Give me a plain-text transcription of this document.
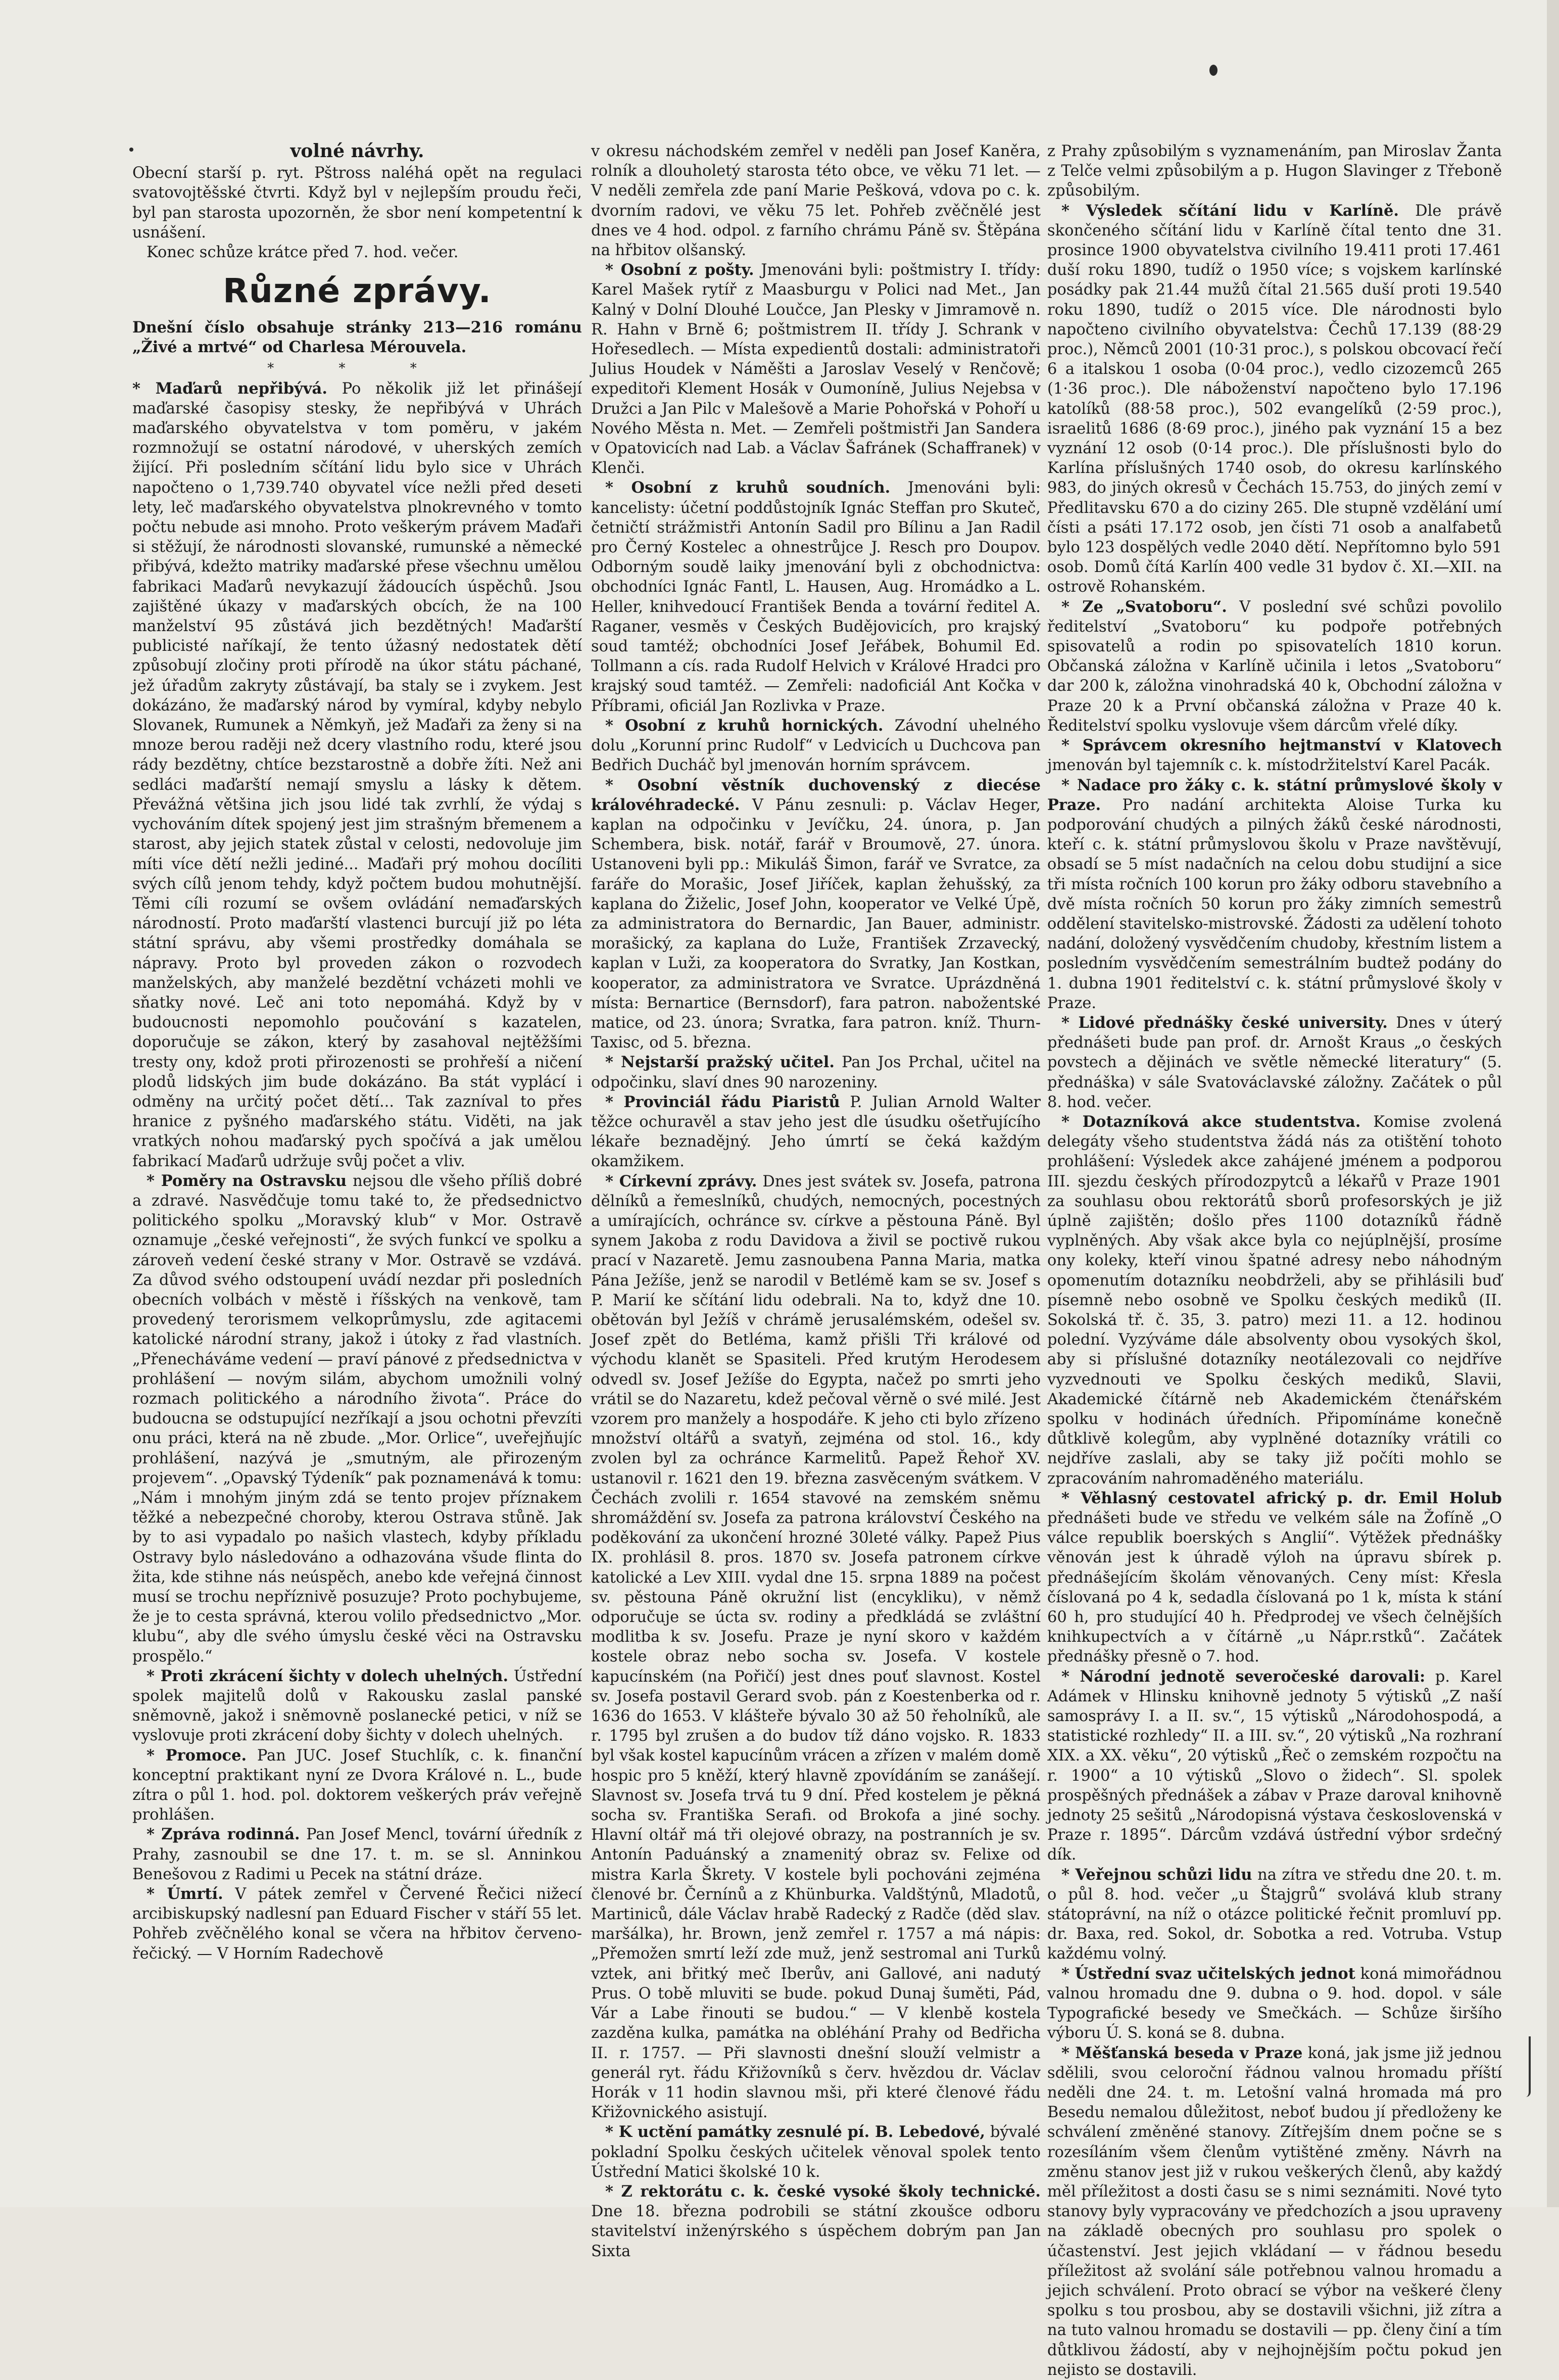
volné návrhy.

Obecní starší p. ryt. Pštross naléhá opět na regulaci svatovojtěšské čtvrti. Když byl v nejlepším proudu řeči, byl pan starosta upozorněn, že sbor není kompetentní k usnášení.

Konec schůze krátce před 7. hod. večer.

Různé zprávy.

Dnešní číslo obsahuje stránky 213—216 románu „Živé a mrtvé“ od Charlesa Mérouvela.

* * *

* Maďarů nepřibývá. Po několik již let přinášejí maďarské časopisy stesky, že nepřibývá v Uhrách maďarského obyvatelstva v tom poměru, v jakém rozmnožují se ostatní národové, v uherských zemích žijící. Při posledním sčítání lidu bylo sice v Uhrách napočteno o 1,739.740 obyvatel více nežli před deseti lety, leč maďarského obyvatelstva plnokrevného v tomto počtu nebude asi mnoho. Proto veškerým právem Maďaři si stěžují, že národnosti slovanské, rumunské a německé přibývá, kdežto matriky maďarské přese všechnu umělou fabrikaci Maďarů nevykazují žádoucích úspěchů. Jsou zajištěné úkazy v maďarských obcích, že na 100 manželství 95 zůstává jich bezdětných! Maďarští publicisté naříkají, že tento úžasný nedostatek dětí způsobují zločiny proti přírodě na úkor státu páchané, jež úřadům zakryty zůstávají, ba staly se i zvykem. Jest dokázáno, že maďarský národ by vymíral, kdyby nebylo Slovanek, Rumunek a Němkyň, jež Maďaři za ženy si na mnoze berou raději než dcery vlastního rodu, které jsou rády bezdětny, chtíce bezstarostně a dobře žíti. Než ani sedláci maďarští nemají smyslu a lásky k dětem. Převážná většina jich jsou lidé tak zvrhlí, že výdaj s vychováním dítek spojený jest jim strašným břemenem a starost, aby jejich statek zůstal v celosti, nedovoluje jim míti více dětí nežli jediné... Maďaři prý mohou docíliti svých cílů jenom tehdy, když počtem budou mohutnější. Těmi cíli rozumí se ovšem ovládání nemaďarských národností. Proto maďarští vlastenci burcují již po léta státní správu, aby všemi prostředky domáhala se nápravy. Proto byl proveden zákon o rozvodech manželských, aby manželé bezdětní vcházeti mohli ve sňatky nové. Leč ani toto nepomáhá. Když by v budoucnosti nepomohlo poučování s kazatelen, doporučuje se zákon, který by zasahoval nejtěžšími tresty ony, kdož proti přirozenosti se prohřeší a ničení plodů lidských jim bude dokázáno. Ba stát vyplácí i odměny na určitý počet dětí... Tak zazníval to přes hranice z pyšného maďarského státu. Viděti, na jak vratkých nohou maďarský pych spočívá a jak umělou fabrikací Maďarů udržuje svůj počet a vliv.

* Poměry na Ostravsku nejsou dle všeho příliš dobré a zdravé. Nasvědčuje tomu také to, že předsednictvo politického spolku „Moravský klub“ v Mor. Ostravě oznamuje „české veřejnosti“, že svých funkcí ve spolku a zároveň vedení české strany v Mor. Ostravě se vzdává. Za důvod svého odstoupení uvádí nezdar při posledních obecních volbách v městě i říšských na venkově, tam provedený terorismem velkoprůmyslu, zde agitacemi katolické národní strany, jakož i útoky z řad vlastních. „Přenecháváme vedení — praví pánové z předsednictva v prohlášení — novým silám, abychom umožnili volný rozmach politického a národního života“. Práce do budoucna se odstupující nezříkají a jsou ochotni převzíti onu práci, která na ně zbude. „Mor. Orlice“, uveřejňujíc prohlášení, nazývá je „smutným, ale přirozeným projevem“. „Opavský Týdeník“ pak poznamenává k tomu: „Nám i mnohým jiným zdá se tento projev příznakem těžké a nebezpečné choroby, kterou Ostrava stůně. Jak by to asi vypadalo po našich vlastech, kdyby příkladu Ostravy bylo následováno a odhazována všude flinta do žita, kde stihne nás neúspěch, anebo kde veřejná činnost musí se trochu nepříznivě posuzuje? Proto pochybujeme, že je to cesta správná, kterou volilo předsednictvo „Mor. klubu“, aby dle svého úmyslu české věci na Ostravsku prospělo.“

* Proti zkrácení šichty v dolech uhelných. Ústřední spolek majitelů dolů v Rakousku zaslal panské sněmovně, jakož i sněmovně poslanecké petici, v níž se vyslovuje proti zkrácení doby šichty v dolech uhelných.

* Promoce. Pan JUC. Josef Stuchlík, c. k. finanční konceptní praktikant nyní ze Dvora Králové n. L., bude zítra o půl 1. hod. pol. doktorem veškerých práv veřejně prohlášen.

* Zpráva rodinná. Pan Josef Mencl, tovární úředník z Prahy, zasnoubil se dne 17. t. m. se sl. Anninkou Benešovou z Radimi u Pecek na státní dráze.

* Úmrtí. V pátek zemřel v Červené Řečici nižecí arcibiskupský nadlesní pan Eduard Fischer v stáří 55 let. Pohřeb zvěčnělého konal se včera na hřbitov červeno-řečický. — V Horním Radechově

v okresu náchodském zemřel v neděli pan Josef Kaněra, rolník a dlouholetý starosta této obce, ve věku 71 let. — V neděli zemřela zde paní Marie Pešková, vdova po c. k. dvorním radovi, ve věku 75 let. Pohřeb zvěčnělé jest dnes ve 4 hod. odpol. z farního chrámu Páně sv. Štěpána na hřbitov olšanský.

* Osobní z pošty. Jmenováni byli: poštmistry I. třídy: Karel Mašek rytíř z Maasburgu v Polici nad Met., Jan Kalný v Dolní Dlouhé Loučce, Jan Plesky v Jimramově n. R. Hahn v Brně 6; poštmistrem II. třídy J. Schrank v Hořesedlech. — Místa expedientů dostali: administratoři Julius Houdek v Náměšti a Jaroslav Veselý v Renčově; expeditoři Klement Hosák v Oumoníně, Julius Nejebsa v Družci a Jan Pilc v Malešově a Marie Pohořská v Pohoří u Nového Města n. Met. — Zemřeli poštmistři Jan Sandera v Opatovicích nad Lab. a Václav Šafránek (Schaffranek) v Klenči.

* Osobní z kruhů soudních. Jmenováni byli: kancelisty: účetní poddůstojník Ignác Steffan pro Skuteč, četničtí strážmistři Antonín Sadil pro Bílinu a Jan Radil pro Černý Kostelec a ohnestrůjce J. Resch pro Doupov. Odborným soudě laiky jmenování byli z obchodnictva: obchodníci Ignác Fantl, L. Hausen, Aug. Hromádko a L. Heller, knihvedoucí František Benda a tovární ředitel A. Raganer, vesměs v Českých Budějovicích, pro krajský soud tamtéž; obchodníci Josef Jeřábek, Bohumil Ed. Tollmann a cís. rada Rudolf Helvich v Králové Hradci pro krajský soud tamtéž. — Zemřeli: nadoficiál Ant Kočka v Příbrami, oficiál Jan Rozlivka v Praze.

* Osobní z kruhů hornických. Závodní uhelného dolu „Korunní princ Rudolf“ v Ledvicích u Duchcova pan Bedřich Ducháč byl jmenován horním správcem.

* Osobní věstník duchovenský z diecése královéhradecké. V Pánu zesnuli: p. Václav Heger, kaplan na odpočinku v Jevíčku, 24. února, p. Jan Schembera, bisk. notář, farář v Broumově, 27. února. Ustanoveni byli pp.: Mikuláš Šimon, farář ve Svratce, za faráře do Morašic, Josef Jiříček, kaplan žehušský, za kaplana do Žiželic, Josef John, kooperator ve Velké Úpě, za administratora do Bernardic, Jan Bauer, administr. morašický, za kaplana do Luže, František Zrzavecký, kaplan v Luži, za kooperatora do Svratky, Jan Kostkan, kooperator, za administratora ve Svratce. Uprázdněná místa: Bernartice (Bernsdorf), fara patron. nabožentské matice, od 23. února; Svratka, fara patron. kníž. Thurn-Taxisc, od 5. března.

* Nejstarší pražský učitel. Pan Jos Prchal, učitel na odpočinku, slaví dnes 90 narozeniny.

* Provinciál řádu Piaristů P. Julian Arnold Walter těžce ochuravěl a stav jeho jest dle úsudku ošetřujícího lékaře beznadějný. Jeho úmrtí se čeká každým okamžikem.

* Církevní zprávy. Dnes jest svátek sv. Josefa, patrona dělníků a řemeslníků, chudých, nemocných, pocestných a umírajících, ochránce sv. církve a pěstouna Páně. Byl synem Jakoba z rodu Davidova a živil se poctivě rukou prací v Nazaretě. Jemu zasnoubena Panna Maria, matka Pána Ježíše, jenž se narodil v Betlémě kam se sv. Josef s P. Marií ke sčítání lidu odebrali. Na to, když dne 10. obětován byl Ježíš v chrámě jerusalémském, odešel sv. Josef zpět do Betléma, kamž přišli Tři králové od východu klanět se Spasiteli. Před krutým Herodesem odvedl sv. Josef Ježíše do Egypta, načež po smrti jeho vrátil se do Nazaretu, kdež pečoval věrně o své milé. Jest vzorem pro manžely a hospodáře. K jeho cti bylo zřízeno množství oltářů a svatyň, zejména od stol. 16., kdy zvolen byl za ochránce Karmelitů. Papež Řehoř XV. ustanovil r. 1621 den 19. března zasvěceným svátkem. V Čechách zvolili r. 1654 stavové na zemském sněmu shromáždění sv. Josefa za patrona království Českého na poděkování za ukončení hrozné 30leté války. Papež Pius IX. prohlásil 8. pros. 1870 sv. Josefa patronem církve katolické a Lev XIII. vydal dne 15. srpna 1889 na počest sv. pěstouna Páně okružní list (encykliku), v němž odporučuje se úcta sv. rodiny a předkládá se zvláštní modlitba k sv. Josefu. Praze je nyní skoro v každém kostele obraz nebo socha sv. Josefa. V kostele kapucínském (na Pořičí) jest dnes pouť slavnost. Kostel sv. Josefa postavil Gerard svob. pán z Koestenberka od r. 1636 do 1653. V klášteře bývalo 30 až 50 řeholníků, ale r. 1795 byl zrušen a do budov tíž dáno vojsko. R. 1833 byl však kostel kapucínům vrácen a zřízen v malém domě hospic pro 5 kněží, který hlavně zpovídáním se zanášejí. Slavnost sv. Josefa trvá tu 9 dní. Před kostelem je pěkná socha sv. Františka Serafi. od Brokofa a jiné sochy. Hlavní oltář má tři olejové obrazy, na postranních je sv. Antonín Paduánský a znamenitý obraz sv. Felixe od mistra Karla Škrety. V kostele byli pochováni zejména členové br. Černínů a z Khünburka. Valdštýnů, Mladotů, Martiniců, dále Václav hrabě Radecký z Radče (děd slav. maršálka), hr. Brown, jenž zemřel r. 1757 a má nápis: „Přemožen smrtí leží zde muž, jenž sestromal ani Turků vztek, ani břitký meč Iberův, ani Gallové, ani nadutý Prus. O tobě mluviti se bude. pokud Dunaj šuměti, Pád, Vár a Labe řinouti se budou.“ — V klenbě kostela zazděna kulka, památka na obléhání Prahy od Bedřicha II. r. 1757. — Při slavnosti dnešní slouží velmistr a generál ryt. řádu Křižovníků s červ. hvězdou dr. Václav Horák v 11 hodin slavnou mši, při které členové řádu Křižovnického asistují.

* K uctění památky zesnulé pí. B. Lebedové, bývalé pokladní Spolku českých učitelek věnoval spolek tento Ústřední Matici školské 10 k.

* Z rektorátu c. k. české vysoké školy technické. Dne 18. března podrobili se státní zkoušce odboru stavitelství inženýrského s úspěchem dobrým pan Jan Sixta

z Prahy způsobilým s vyznamenáním, pan Miroslav Žanta z Telče velmi způsobilým a p. Hugon Slavinger z Třeboně způsobilým.

* Výsledek sčítání lidu v Karlíně. Dle právě skončeného sčítání lidu v Karlíně čítal tento dne 31. prosince 1900 obyvatelstva civilního 19.411 proti 17.461 duší roku 1890, tudíž o 1950 více; s vojskem karlínské posádky pak 21.44 mužů čítal 21.565 duší proti 19.540 roku 1890, tudíž o 2015 více. Dle národnosti bylo napočteno civilního obyvatelstva: Čechů 17.139 (88·29 proc.), Němců 2001 (10·31 proc.), s polskou obcovací řečí 6 a italskou 1 osoba (0·04 proc.), vedlo cizozemců 265 (1·36 proc.). Dle náboženství napočteno bylo 17.196 katolíků (88·58 proc.), 502 evangelíků (2·59 proc.), israelitů 1686 (8·69 proc.), jiného pak vyznání 15 a bez vyznání 12 osob (0·14 proc.). Dle příslušnosti bylo do Karlína příslušných 1740 osob, do okresu karlínského 983, do jiných okresů v Čechách 15.753, do jiných zemí v Předlitavsku 670 a do ciziny 265. Dle stupně vzdělání umí čísti a psáti 17.172 osob, jen čísti 71 osob a analfabetů bylo 123 dospělých vedle 2040 dětí. Nepřítomno bylo 591 osob. Domů čítá Karlín 400 vedle 31 bydov č. XI.—XII. na ostrově Rohanském.

* Ze „Svatoboru“. V poslední své schůzi povolilo ředitelství „Svatoboru“ ku podpoře potřebných spisovatelů a rodin po spisovatelích 1810 korun. Občanská záložna v Karlíně učinila i letos „Svatoboru“ dar 200 k, záložna vinohradská 40 k, Obchodní záložna v Praze 20 k a První občanská záložna v Praze 40 k. Ředitelství spolku vyslovuje všem dárcům vřelé díky.

* Správcem okresního hejtmanství v Klatovech jmenován byl tajemník c. k. místodržitelství Karel Pacák.

* Nadace pro žáky c. k. státní průmyslové školy v Praze. Pro nadání architekta Aloise Turka ku podporování chudých a pilných žáků české národnosti, kteří c. k. státní průmyslovou školu v Praze navštěvují, obsadí se 5 míst nadačních na celou dobu studijní a sice tři místa ročních 100 korun pro žáky odboru stavebního a dvě místa ročních 50 korun pro žáky zimních semestrů oddělení stavitelsko-mistrovské. Žádosti za udělení tohoto nadání, doložený vysvědčením chudoby, křestním listem a posledním vysvědčením semestrálním budtež podány do 1. dubna 1901 ředitelství c. k. státní průmyslové školy v Praze.

* Lidové přednášky české university. Dnes v úterý přednášeti bude pan prof. dr. Arnošt Kraus „o českých povstech a dějinách ve světle německé literatury“ (5. přednáška) v sále Svatováclavské záložny. Začátek o půl 8. hod. večer.

* Dotazníková akce studentstva. Komise zvolená delegáty všeho studentstva žádá nás za otištění tohoto prohlášení: Výsledek akce zahájené jménem a podporou III. sjezdu českých přírodozpytců a lékařů v Praze 1901 za souhlasu obou rektorátů sborů profesorských je již úplně zajištěn; došlo přes 1100 dotazníků řádně vyplněných. Aby však akce byla co nejúplnější, prosíme ony koleky, kteří vinou špatné adresy nebo náhodným opomenutím dotazníku neobdrželi, aby se přihlásili buď písemně nebo osobně ve Spolku českých mediků (II. Sokolská tř. č. 35, 3. patro) mezi 11. a 12. hodinou polední. Vyzýváme dále absolventy obou vysokých škol, aby si příslušné dotazníky neotálezovali co nejdříve vyzvednouti ve Spolku českých mediků, Slavii, Akademické čítárně neb Akademickém čtenářském spolku v hodinách úředních. Připomínáme konečně důtklivě kolegům, aby vyplněné dotazníky vrátili co nejdříve zaslali, aby se taky již počíti mohlo se zpracováním nahromaděného materiálu.

* Věhlasný cestovatel africký p. dr. Emil Holub přednášeti bude ve středu ve velkém sále na Žofíně „O válce republik boerských s Anglií“. Výtěžek přednášky věnován jest k úhradě výloh na úpravu sbírek p. přednášejícím školám věnovaných. Ceny míst: Křesla číslovaná po 4 k, sedadla číslovaná po 1 k, místa k stání 60 h, pro studující 40 h. Předprodej ve všech čelnějších knihkupectvích a v čítárně „u Nápr.rstků“. Začátek přednášky přesně o 7. hod.

* Národní jednotě severočeské darovali: p. Karel Adámek v Hlinsku knihovně jednoty 5 výtisků „Z naší samosprávy I. a II. sv.“, 15 výtisků „Národohospodá, a statistické rozhledy“ II. a III. sv.“, 20 výtisků „Na rozhraní XIX. a XX. věku“, 20 výtisků „Řeč o zemském rozpočtu na r. 1900“ a 10 výtisků „Slovo o židech“. Sl. spolek prospěšných přednášek a zábav v Praze daroval knihovně jednoty 25 sešitů „Národopisná výstava československá v Praze r. 1895“. Dárcům vzdává ústřední výbor srdečný dík.

* Veřejnou schůzi lidu na zítra ve středu dne 20. t. m. o půl 8. hod. večer „u Štajgrů“ svolává klub strany státoprávní, na níž o otázce politické řečnit promluví pp. dr. Baxa, red. Sokol, dr. Sobotka a red. Votruba. Vstup každému volný.

* Ústřední svaz učitelských jednot koná mimořádnou valnou hromadu dne 9. dubna o 9. hod. dopol. v sále Typografické besedy ve Smečkách. — Schůze širšího výboru Ú. S. koná se 8. dubna.

* Měšťanská beseda v Praze koná, jak jsme již jednou sdělili, svou celoroční řádnou valnou hromadu příští neděli dne 24. t. m. Letošní valná hromada má pro Besedu nemalou důležitost, neboť budou jí předloženy ke schválení změněné stanovy. Zítřejším dnem počne se s rozesíláním všem členům vytištěné změny. Návrh na změnu stanov jest již v rukou veškerých členů, aby každý měl příležitost a dosti času se s nimi seznámiti. Nové tyto stanovy byly vypracovány ve předchozích a jsou upraveny na základě obecných pro souhlasu pro spolek o účastenství. Jest jejich vkládaní — v řádnou besedu příležitost až svolání sále potřebnou valnou hromadu a jejich schválení. Proto obrací se výbor na veškeré členy spolku s tou prosbou, aby se dostavili všichni, již zítra a na tuto valnou hromadu se dostavili — pp. členy činí a tím důtklivou žádostí, aby v nejhojnějším počtu pokud jen nejisto se dostavili.
